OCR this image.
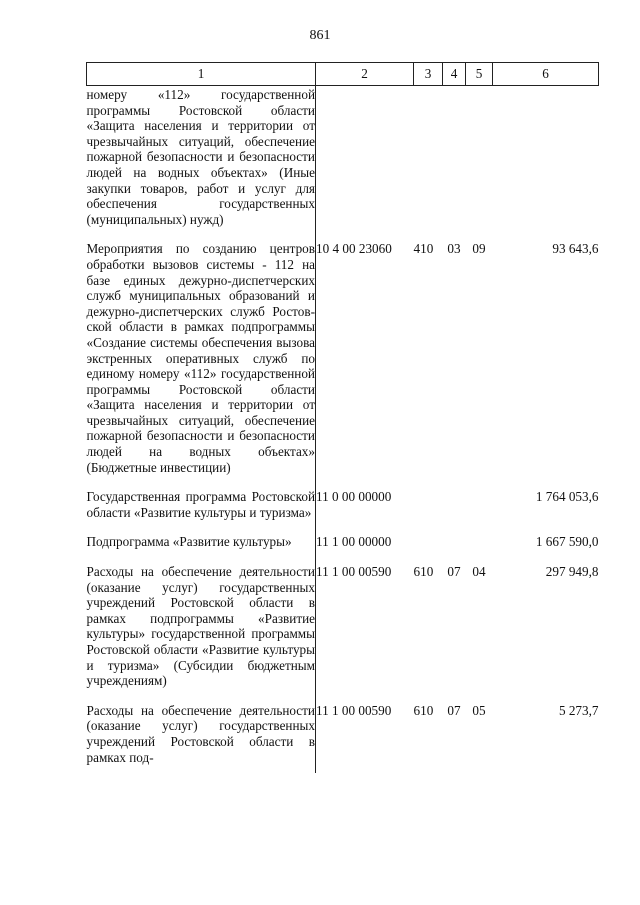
861
1	2	3	4	5	6
номеру «112» государственной программы Ростовской области «Защита населения и территории от чрезвычайных ситуаций, обеспечение пожарной безопасности и безопасности людей на водных объектах» (Иные закупки товаров, работ и услуг для обеспечения государственных (муниципальных) нужд)					
Мероприятия по созданию центров обработки вызовов системы - 112 на базе единых дежурно-диспетчерских служб муниципальных образований и дежурно-диспетчерских служб Ростовской области в рамках подпрограммы «Создание системы обеспечения вызова экстренных оперативных служб по единому номеру «112» государственной программы Ростовской области «Защита населения и территории от чрезвычайных ситуаций, обеспечение пожарной безопасности и безопасности людей на водных объектах» (Бюджетные инвестиции)	10 4 00 23060	410	03	09	93 643,6
Государственная программа Ростовской области «Развитие культуры и туризма»	11 0 00 00000				1 764 053,6
Подпрограмма «Развитие культуры»	11 1 00 00000				1 667 590,0
Расходы на обеспечение деятельности (оказание услуг) государственных учреждений Ростовской области в рамках подпрограммы «Развитие культуры» государственной программы Ростовской области «Развитие культуры и туризма» (Субсидии бюджетным учреждениям)	11 1 00 00590	610	07	04	297 949,8
Расходы на обеспечение деятельности (оказание услуг) государственных учреждений Ростовской области в рамках под-	11 1 00 00590	610	07	05	5 273,7
